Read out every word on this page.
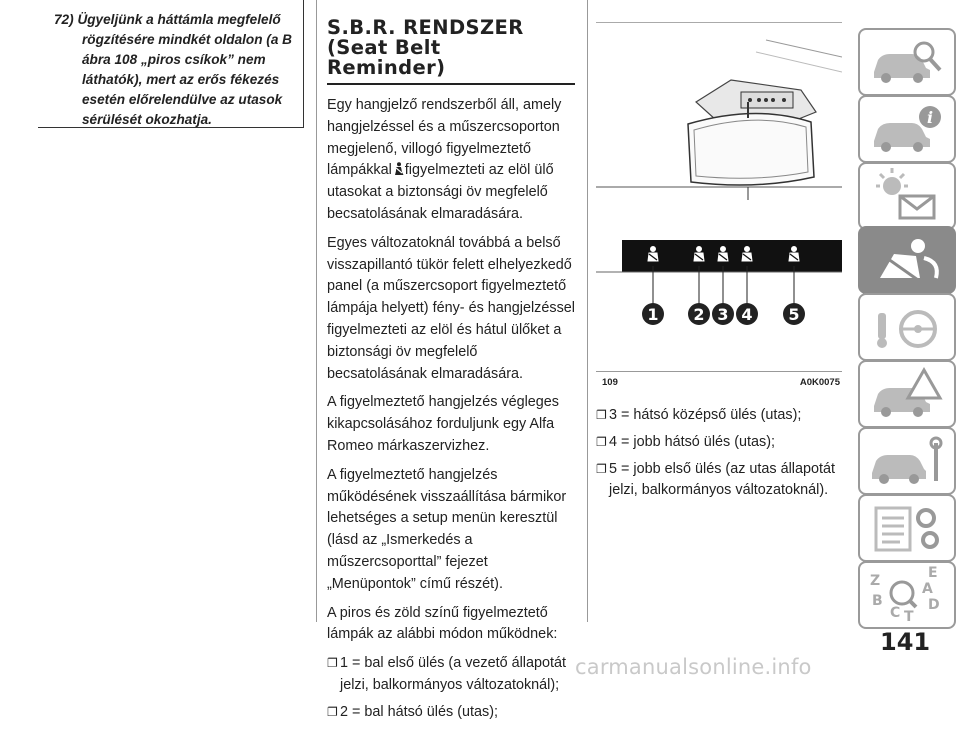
72) Ügyeljünk a háttámla megfelelő

rögzítésére mindkét oldalon (a B

ábra 108 „piros csíkok” nem

láthatók), mert az erős fékezés

esetén előrelendülve az utasok

sérülését okozhatja.

S.B.R. RENDSZER
(Seat Belt
Reminder)

Egy hangjelző rendszerből áll, amely hangjelzéssel és a műszercsoporton megjelenő, villogó figyelmeztető lámpákkal figyelmezteti az elöl ülő utasokat a biztonsági öv megfelelő becsatolásának elmaradására.

Egyes változatoknál továbbá a belső visszapillantó tükör felett elhelyezkedő panel (a műszercsoport figyelmeztető lámpája helyett) fény- és hangjelzéssel figyelmezteti az elöl és hátul ülőket a biztonsági öv megfelelő becsatolásának elmaradására.

A figyelmeztető hangjelzés végleges kikapcsolásához forduljunk egy Alfa Romeo márkaszervizhez.

A figyelmeztető hangjelzés működésének visszaállítása bármikor lehetséges a setup menün keresztül (lásd az „Ismerkedés a műszercsoporttal” fejezet „Menüpontok” című részét).

A piros és zöld színű figyelmeztető lámpák az alábbi módon működnek:

❐ 1 = bal első ülés (a vezető állapotát jelzi, balkormányos változatoknál);
❐ 2 = bal hátsó ülés (utas);
1 2 3 4 5
109	A0K0075
❐ 3 = hátsó középső ülés (utas);
❐ 4 = jobb hátsó ülés (utas);
❐ 5 = jobb első ülés (az utas állapotát jelzi, balkormányos változatoknál).
i
Z	E
A
B
C D
T
141
carmanualsonline.info
